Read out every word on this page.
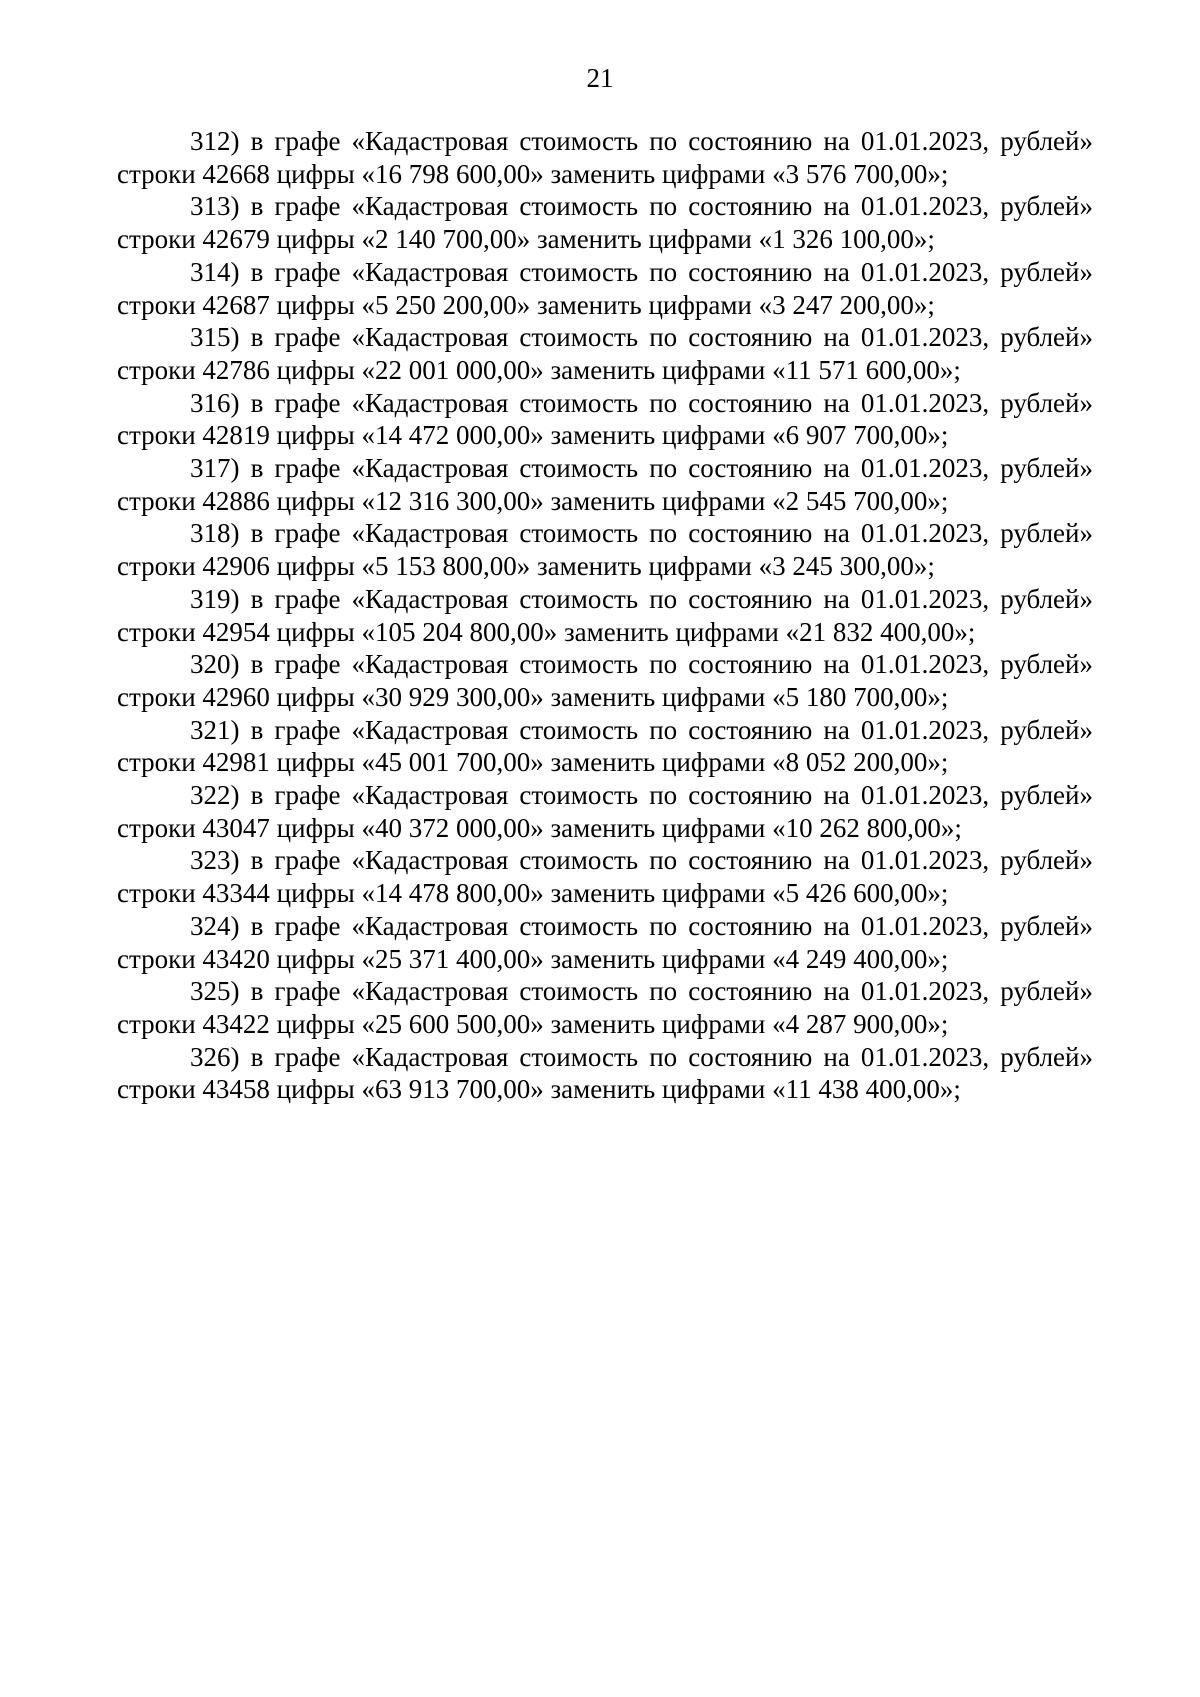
21

312) в графе «Кадастровая стоимость по состоянию на 01.01.2023, рублей» строки 42668 цифры «16 798 600,00» заменить цифрами «3 576 700,00»;

313) в графе «Кадастровая стоимость по состоянию на 01.01.2023, рублей» строки 42679 цифры «2 140 700,00» заменить цифрами «1 326 100,00»;

314) в графе «Кадастровая стоимость по состоянию на 01.01.2023, рублей» строки 42687 цифры «5 250 200,00» заменить цифрами «3 247 200,00»;

315) в графе «Кадастровая стоимость по состоянию на 01.01.2023, рублей» строки 42786 цифры «22 001 000,00» заменить цифрами «11 571 600,00»;

316) в графе «Кадастровая стоимость по состоянию на 01.01.2023, рублей» строки 42819 цифры «14 472 000,00» заменить цифрами «6 907 700,00»;

317) в графе «Кадастровая стоимость по состоянию на 01.01.2023, рублей» строки 42886 цифры «12 316 300,00» заменить цифрами «2 545 700,00»;

318) в графе «Кадастровая стоимость по состоянию на 01.01.2023, рублей» строки 42906 цифры «5 153 800,00» заменить цифрами «3 245 300,00»;

319) в графе «Кадастровая стоимость по состоянию на 01.01.2023, рублей» строки 42954 цифры «105 204 800,00» заменить цифрами «21 832 400,00»;

320) в графе «Кадастровая стоимость по состоянию на 01.01.2023, рублей» строки 42960 цифры «30 929 300,00» заменить цифрами «5 180 700,00»;

321) в графе «Кадастровая стоимость по состоянию на 01.01.2023, рублей» строки 42981 цифры «45 001 700,00» заменить цифрами «8 052 200,00»;

322) в графе «Кадастровая стоимость по состоянию на 01.01.2023, рублей» строки 43047 цифры «40 372 000,00» заменить цифрами «10 262 800,00»;

323) в графе «Кадастровая стоимость по состоянию на 01.01.2023, рублей» строки 43344 цифры «14 478 800,00» заменить цифрами «5 426 600,00»;

324) в графе «Кадастровая стоимость по состоянию на 01.01.2023, рублей» строки 43420 цифры «25 371 400,00» заменить цифрами «4 249 400,00»;

325) в графе «Кадастровая стоимость по состоянию на 01.01.2023, рублей» строки 43422 цифры «25 600 500,00» заменить цифрами «4 287 900,00»;

326) в графе «Кадастровая стоимость по состоянию на 01.01.2023, рублей» строки 43458 цифры «63 913 700,00» заменить цифрами «11 438 400,00»;
